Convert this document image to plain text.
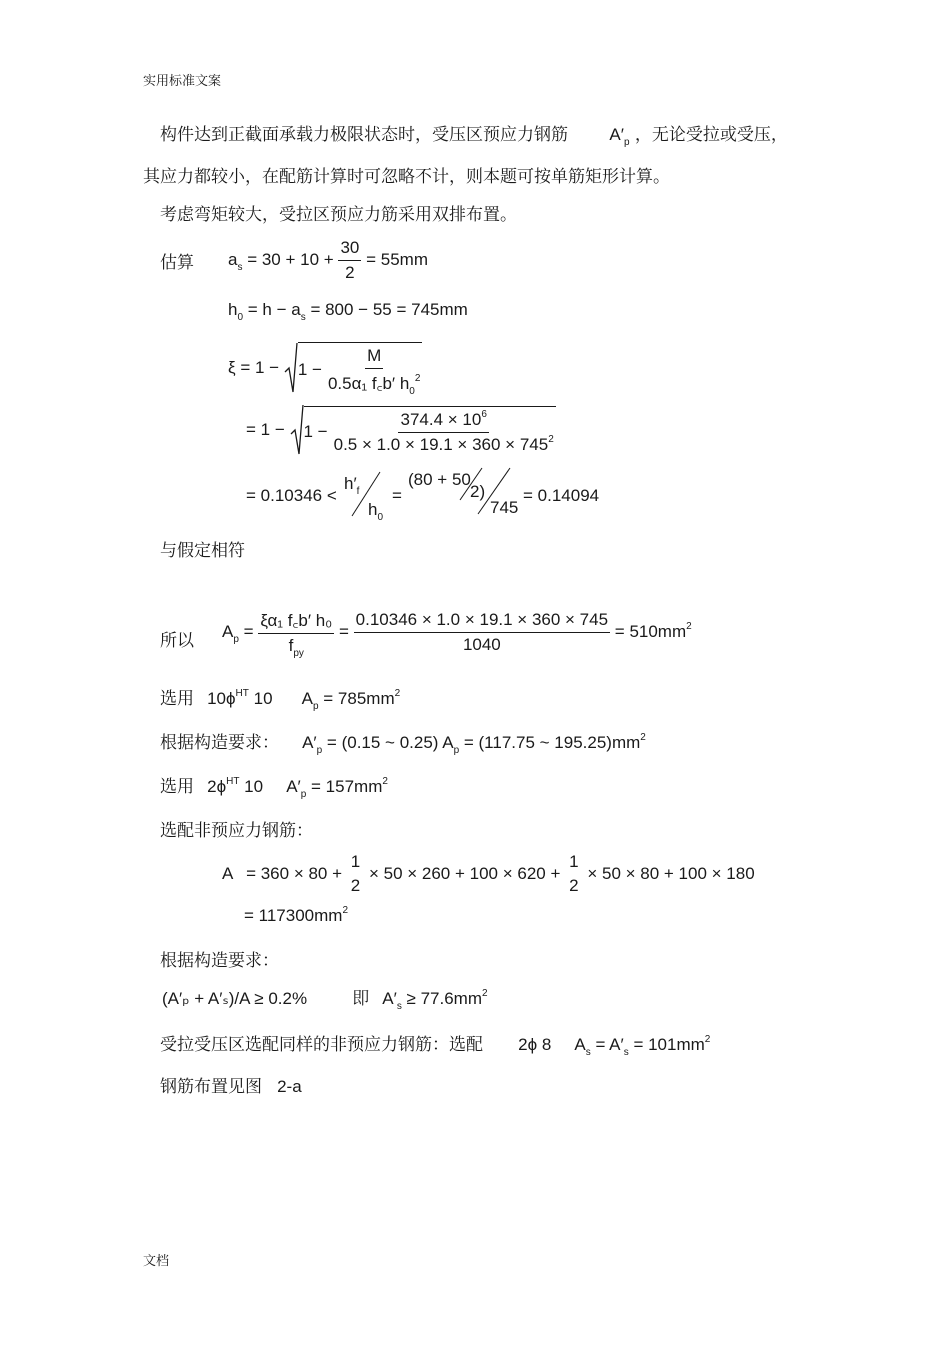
实用标准文案
构件达到正截面承载力极限状态时，受压区预应力钢筋 $A'_p$ ，无论受拉或受压，
其应力都较小，在配筋计算时可忽略不计，则本题可按单筋矩形计算。
考虑弯矩较大，受拉区预应力筋采用双排布置。
估算 $a_s = 30 + 10 + \frac{30}{2} = 55mm$
$h_0 = h - a_s = 800 - 55 = 745mm$
$\xi = 1 - 1 - \frac{M}{0.5\alpha_1 f꜀b' h_0^2}$
= $1 - 1 - \frac{374.4 \times 10^6}{0.5 \times 1.0 \times 19.1 \times 360 \times 745^2}$
= 0.10346 <
$h'_f$
$h_0$
=
(80 + 50
2)
745
= 0.14094
与假定相符
所以 $A_p = \frac{\text{ξα₁ f꜀b′ h₀}}{f_{py}} = \frac{0.10346 \times 1.0 \times 19.1 \times 360 \times 745}{1040} = 510mm^2$
选用 $10\phi^{HT}$ 10 $A_p = 785mm^2$
根据构造要求： $A'_p = (0.15$ ~ 0.25) $A_p = (117.75$ ~ $195.25)mm^2$
选用 $2\phi^{HT}$ 10 $A'_p = 157mm^2$
选配非预应力钢筋：
A = 360 × 80 +
1
2
× 50 × 260 + 100 × 620 +
1
2
× 50 × 80 + 100 × 180
= $117300mm^2$
根据构造要求：
(A′ₚ + A′ₛ)/A ≥ 0.2%	即 $A'_s \ge 77.6mm^2$
受拉受压区选配同样的非预应力钢筋：选配 2ϕ 8 $A_s = A'_s = 101mm^2$
钢筋布置见图 2-a
文档
